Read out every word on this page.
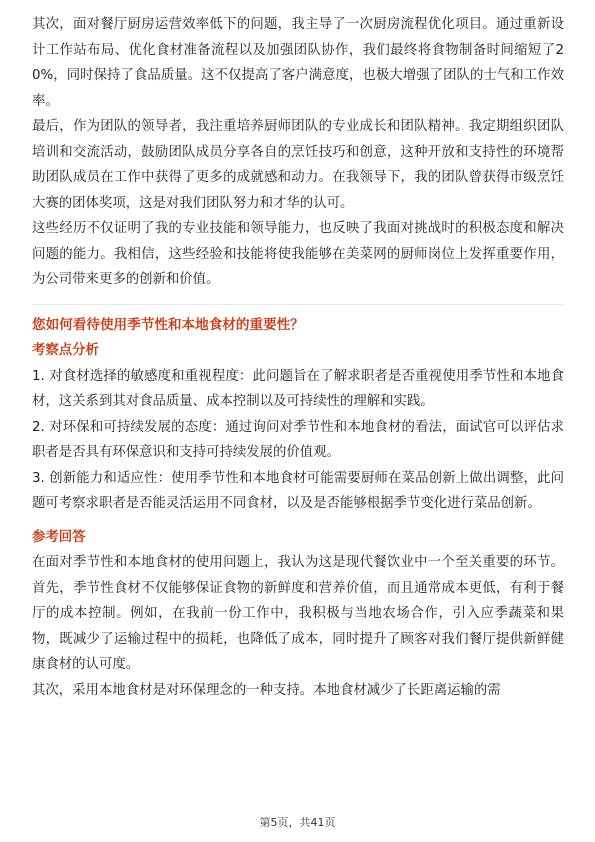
其次，面对餐厅厨房运营效率低下的问题，我主导了一次厨房流程优化项目。通过重新设计工作站布局、优化食材准备流程以及加强团队协作，我们最终将食物制备时间缩短了20%，同时保持了食品质量。这不仅提高了客户满意度，也极大增强了团队的士气和工作效率。

最后，作为团队的领导者，我注重培养厨师团队的专业成长和团队精神。我定期组织团队培训和交流活动，鼓励团队成员分享各自的烹饪技巧和创意，这种开放和支持性的环境帮助团队成员在工作中获得了更多的成就感和动力。在我领导下，我的团队曾获得市级烹饪大赛的团体奖项，这是对我们团队努力和才华的认可。

这些经历不仅证明了我的专业技能和领导能力，也反映了我面对挑战时的积极态度和解决问题的能力。我相信，这些经验和技能将使我能够在美菜网的厨师岗位上发挥重要作用，为公司带来更多的创新和价值。

您如何看待使用季节性和本地食材的重要性？

考察点分析

1. 对食材选择的敏感度和重视程度：此问题旨在了解求职者是否重视使用季节性和本地食材，这关系到其对食品质量、成本控制以及可持续性的理解和实践。

2. 对环保和可持续发展的态度：通过询问对季节性和本地食材的看法，面试官可以评估求职者是否具有环保意识和支持可持续发展的价值观。

3. 创新能力和适应性：使用季节性和本地食材可能需要厨师在菜品创新上做出调整，此问题可考察求职者是否能灵活运用不同食材，以及是否能够根据季节变化进行菜品创新。

参考回答

在面对季节性和本地食材的使用问题上，我认为这是现代餐饮业中一个至关重要的环节。首先，季节性食材不仅能够保证食物的新鲜度和营养价值，而且通常成本更低，有利于餐厅的成本控制。例如，在我前一份工作中，我积极与当地农场合作，引入应季蔬菜和果物，既减少了运输过程中的损耗，也降低了成本，同时提升了顾客对我们餐厅提供新鲜健康食材的认可度。

其次，采用本地食材是对环保理念的一种支持。本地食材减少了长距离运输的需

第5页，共41页
